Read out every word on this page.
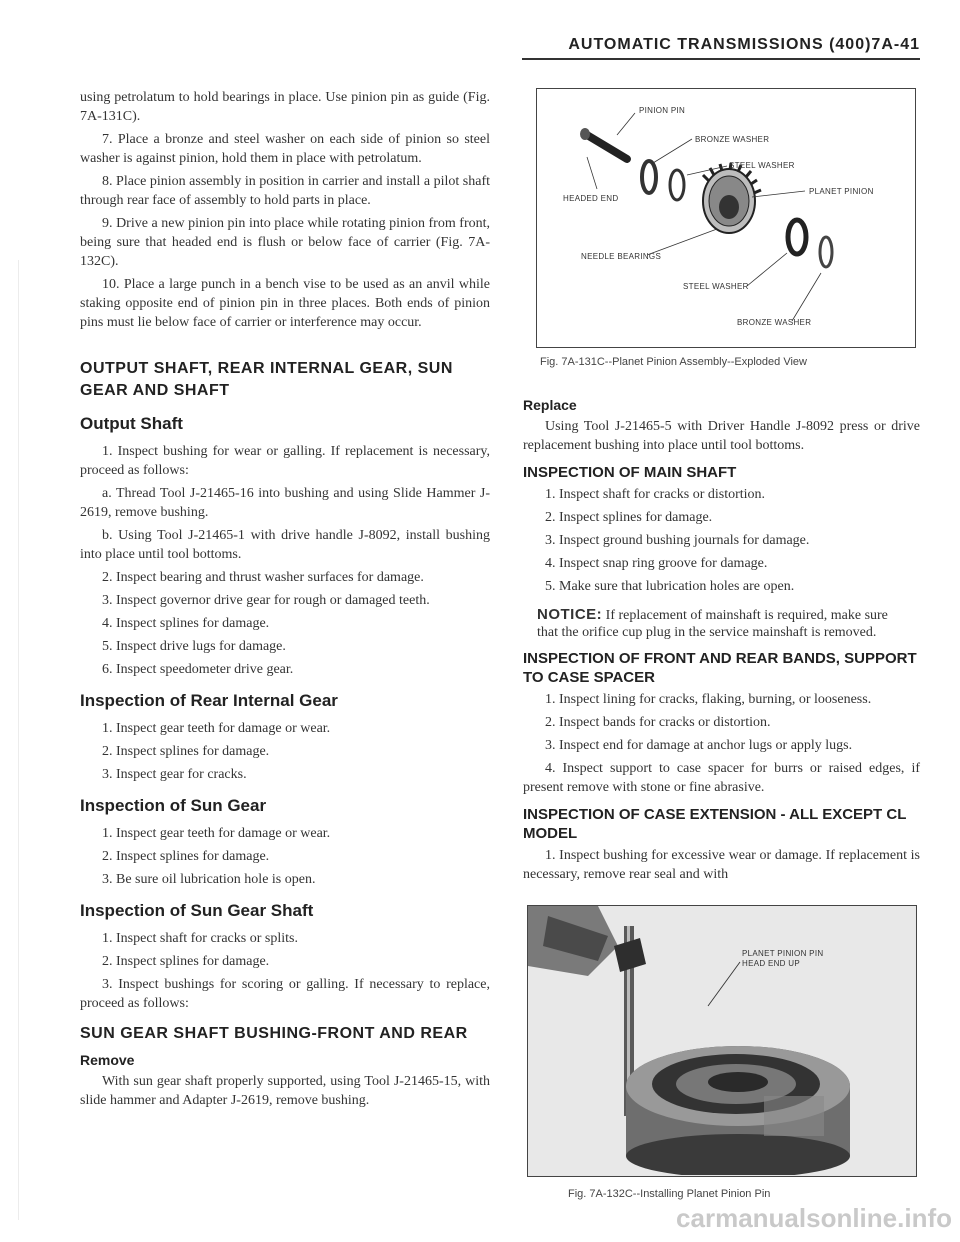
AUTOMATIC TRANSMISSIONS (400)7A-41

using petrolatum to hold bearings in place. Use pinion pin as guide (Fig. 7A-131C).

7. Place a bronze and steel washer on each side of pinion so steel washer is against pinion, hold them in place with petrolatum.

8. Place pinion assembly in position in carrier and install a pilot shaft through rear face of assembly to hold parts in place.

9. Drive a new pinion pin into place while rotating pinion from front, being sure that headed end is flush or below face of carrier (Fig. 7A-132C).

10. Place a large punch in a bench vise to be used as an anvil while staking opposite end of pinion pin in three places. Both ends of pinion pins must lie below face of carrier or interference may occur.

OUTPUT SHAFT, REAR INTERNAL GEAR, SUN GEAR AND SHAFT
Output Shaft

1. Inspect bushing for wear or galling. If replacement is necessary, proceed as follows:

a. Thread Tool J-21465-16 into bushing and using Slide Hammer J-2619, remove bushing.

b. Using Tool J-21465-1 with drive handle J-8092, install bushing into place until tool bottoms.

2. Inspect bearing and thrust washer surfaces for damage.

3. Inspect governor drive gear for rough or damaged teeth.

4. Inspect splines for damage.

5. Inspect drive lugs for damage.

6. Inspect speedometer drive gear.

Inspection of Rear Internal Gear

1. Inspect gear teeth for damage or wear.

2. Inspect splines for damage.

3. Inspect gear for cracks.

Inspection of Sun Gear

1. Inspect gear teeth for damage or wear.

2. Inspect splines for damage.

3. Be sure oil lubrication hole is open.

Inspection of Sun Gear Shaft

1. Inspect shaft for cracks or splits.

2. Inspect splines for damage.

3. Inspect bushings for scoring or galling. If necessary to replace, proceed as follows:

SUN GEAR SHAFT BUSHING-FRONT AND REAR
Remove

With sun gear shaft properly supported, using Tool J-21465-15, with slide hammer and Adapter J-2619, remove bushing.

PINION PIN
BRONZE WASHER
STEEL WASHER
HEADED END
PLANET PINION
NEEDLE BEARINGS
STEEL WASHER
BRONZE WASHER
Fig. 7A-131C--Planet Pinion Assembly--Exploded View
Replace

Using Tool J-21465-5 with Driver Handle J-8092 press or drive replacement bushing into place until tool bottoms.

INSPECTION OF MAIN SHAFT

1. Inspect shaft for cracks or distortion.

2. Inspect splines for damage.

3. Inspect ground bushing journals for damage.

4. Inspect snap ring groove for damage.

5. Make sure that lubrication holes are open.

NOTICE: If replacement of mainshaft is required, make sure that the orifice cup plug in the service mainshaft is removed.

INSPECTION OF FRONT AND REAR BANDS, SUPPORT TO CASE SPACER

1. Inspect lining for cracks, flaking, burning, or looseness.

2. Inspect bands for cracks or distortion.

3. Inspect end for damage at anchor lugs or apply lugs.

4. Inspect support to case spacer for burrs or raised edges, if present remove with stone or fine abrasive.

INSPECTION OF CASE EXTENSION - ALL EXCEPT CL MODEL

1. Inspect bushing for excessive wear or damage. If replacement is necessary, remove rear seal and with

PLANET PINION PIN
HEAD END UP
Fig. 7A-132C--Installing Planet Pinion Pin
carmanualsonline.info
